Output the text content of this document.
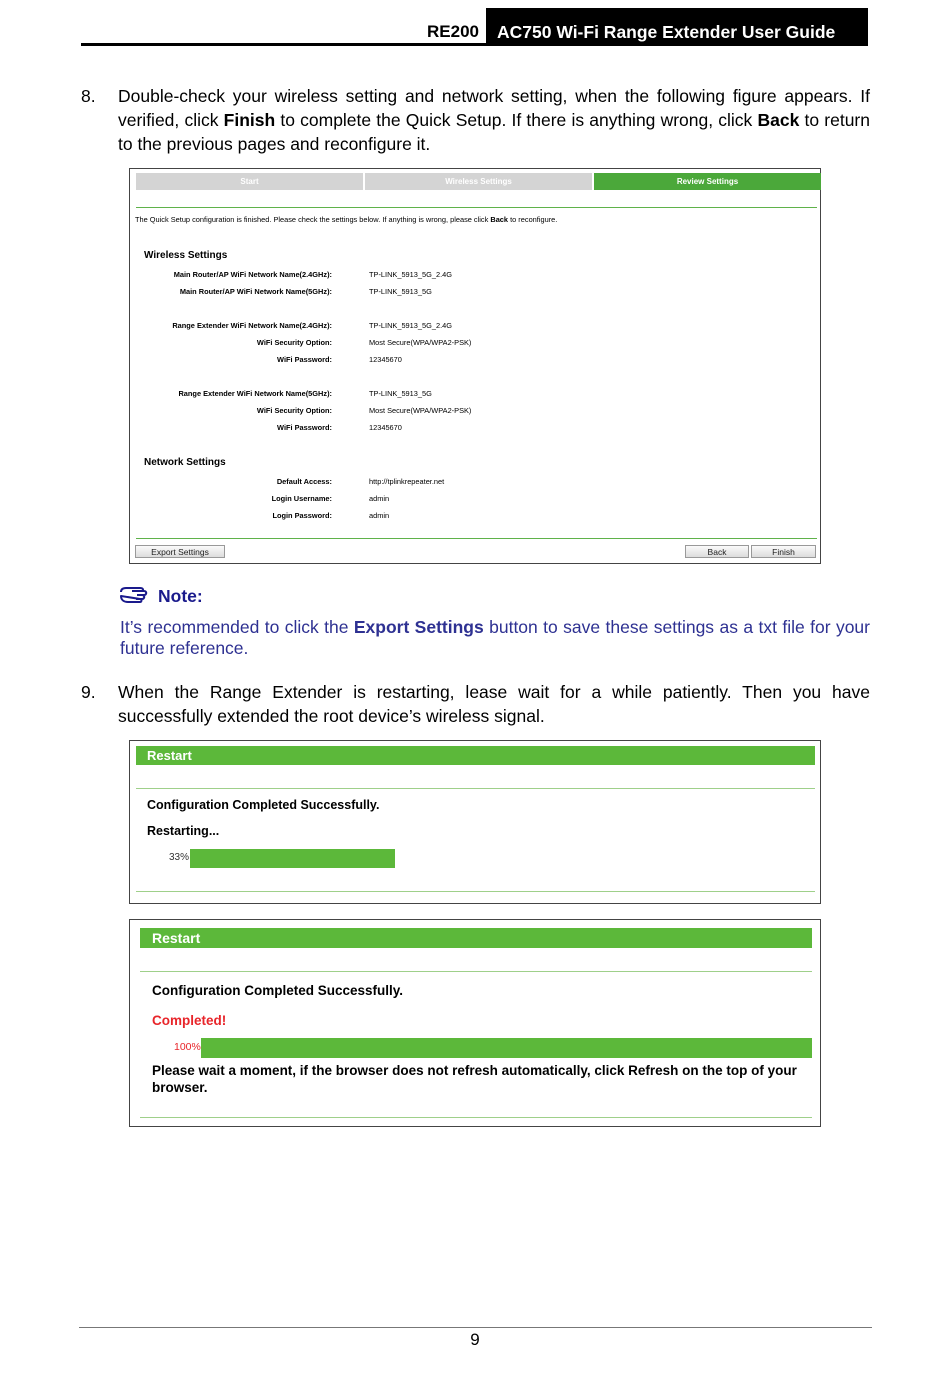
RE200 AC750 Wi-Fi Range Extender User Guide
8. Double-check your wireless setting and network setting, when the following figure appears. If verified, click Finish to complete the Quick Setup. If there is anything wrong, click Back to return to the previous pages and reconfigure it.
Start	Wireless Settings	Review Settings
The Quick Setup configuration is finished. Please check the settings below. If anything is wrong, please click Back to reconfigure.
Wireless Settings
Main Router/AP WiFi Network Name(2.4GHz):	TP-LINK_5913_5G_2.4G
Main Router/AP WiFi Network Name(5GHz):	TP-LINK_5913_5G
Range Extender WiFi Network Name(2.4GHz):	TP-LINK_5913_5G_2.4G
WiFi Security Option:	Most Secure(WPA/WPA2-PSK)
WiFi Password:	12345670
Range Extender WiFi Network Name(5GHz):	TP-LINK_5913_5G
WiFi Security Option:	Most Secure(WPA/WPA2-PSK)
WiFi Password:	12345670
Network Settings
Default Access:	http://tplinkrepeater.net
Login Username:	admin
Login Password:	admin
Export Settings	Back	Finish
Note:
It’s recommended to click the Export Settings button to save these settings as a txt file for your future reference.
9. When the Range Extender is restarting, lease wait for a while patiently. Then you have successfully extended the root device’s wireless signal.
Restart
Configuration Completed Successfully.
Restarting...
33%
Restart
Configuration Completed Successfully.
Completed!
100%
Please wait a moment, if the browser does not refresh automatically, click Refresh on the top of your browser.
9
